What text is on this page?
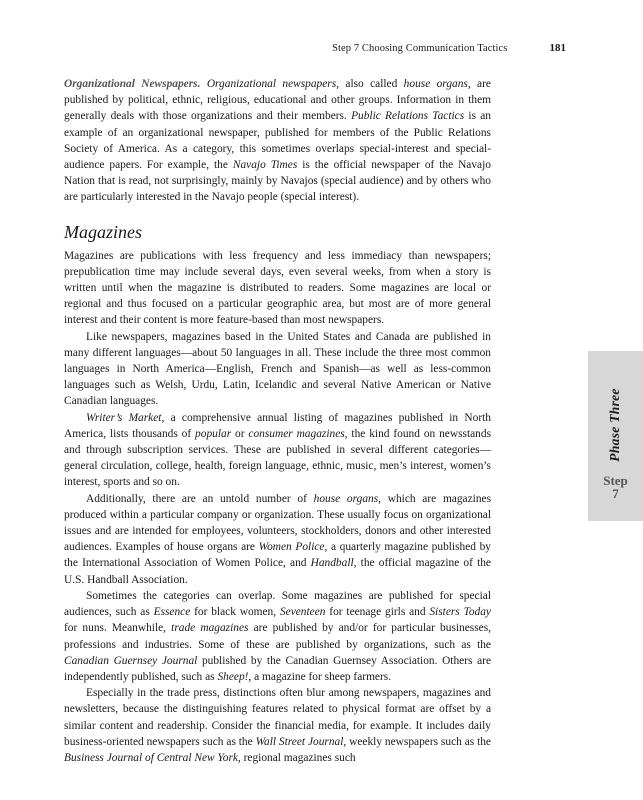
Step 7 Choosing Communication Tactics	181

Organizational Newspapers. Organizational newspapers, also called house organs, are published by political, ethnic, religious, educational and other groups. Information in them generally deals with those organizations and their members. Public Relations Tactics is an example of an organizational newspaper, published for members of the Public Relations Society of America. As a category, this sometimes overlaps special-interest and special-audience papers. For example, the Navajo Times is the official newspaper of the Navajo Nation that is read, not surprisingly, mainly by Navajos (special audience) and by others who are particularly interested in the Navajo people (special interest).

Magazines

Magazines are publications with less frequency and less immediacy than newspapers; prepublication time may include several days, even several weeks, from when a story is written until when the magazine is distributed to readers. Some magazines are local or regional and thus focused on a particular geographic area, but most are of more general interest and their content is more feature-based than most newspapers.

Like newspapers, magazines based in the United States and Canada are published in many different languages—about 50 languages in all. These include the three most common languages in North America—English, French and Spanish—as well as less-common languages such as Welsh, Urdu, Latin, Icelandic and several Native American or Native Canadian languages.

Writer’s Market, a comprehensive annual listing of magazines published in North America, lists thousands of popular or consumer magazines, the kind found on newsstands and through subscription services. These are published in several different categories—general circulation, college, health, foreign language, ethnic, music, men’s interest, women’s interest, sports and so on.

Additionally, there are an untold number of house organs, which are magazines produced within a particular company or organization. These usually focus on organizational issues and are intended for employees, volunteers, stockholders, donors and other interested audiences. Examples of house organs are Women Police, a quarterly magazine published by the International Association of Women Police, and Handball, the official magazine of the U.S. Handball Association.

Sometimes the categories can overlap. Some magazines are published for special audiences, such as Essence for black women, Seventeen for teenage girls and Sisters Today for nuns. Meanwhile, trade magazines are published by and/or for particular businesses, professions and industries. Some of these are published by organizations, such as the Canadian Guernsey Journal published by the Canadian Guernsey Association. Others are independently published, such as Sheep!, a magazine for sheep farmers.

Especially in the trade press, distinctions often blur among newspapers, magazines and newsletters, because the distinguishing features related to physical format are offset by a similar content and readership. Consider the financial media, for example. It includes daily business-oriented newspapers such as the Wall Street Journal, weekly newspapers such as the Business Journal of Central New York, regional magazines such

Phase Three
Step
7
